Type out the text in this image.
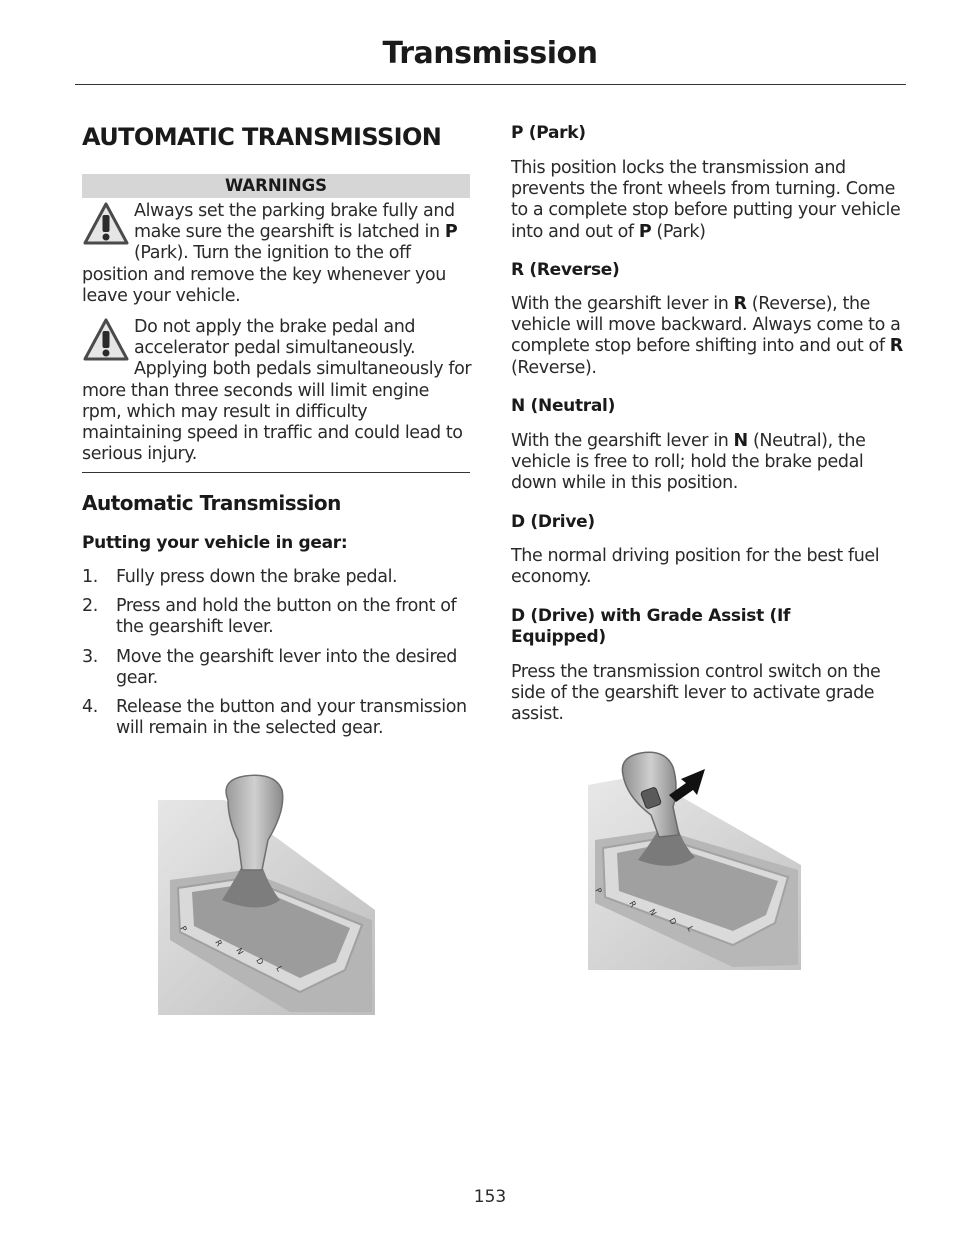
Transmission
AUTOMATIC TRANSMISSION
WARNINGS
Always set the parking brake fully and make sure the gearshift is latched in P (Park). Turn the ignition to the off position and remove the key whenever you leave your vehicle.
Do not apply the brake pedal and accelerator pedal simultaneously. Applying both pedals simultaneously for more than three seconds will limit engine rpm, which may result in difficulty maintaining speed in traffic and could lead to serious injury.
Automatic Transmission
Putting your vehicle in gear:
1. Fully press down the brake pedal.
2. Press and hold the button on the front of the gearshift lever.
3. Move the gearshift lever into the desired gear.
4. Release the button and your transmission will remain in the selected gear.
P
R
N
D
L
P (Park)
This position locks the transmission and prevents the front wheels from turning. Come to a complete stop before putting your vehicle into and out of P (Park)
R (Reverse)
With the gearshift lever in R (Reverse), the vehicle will move backward. Always come to a complete stop before shifting into and out of R (Reverse).
N (Neutral)
With the gearshift lever in N (Neutral), the vehicle is free to roll; hold the brake pedal down while in this position.
D (Drive)
The normal driving position for the best fuel economy.
D (Drive) with Grade Assist (If Equipped)
Press the transmission control switch on the side of the gearshift lever to activate grade assist.
P
R
N
D
L
153
